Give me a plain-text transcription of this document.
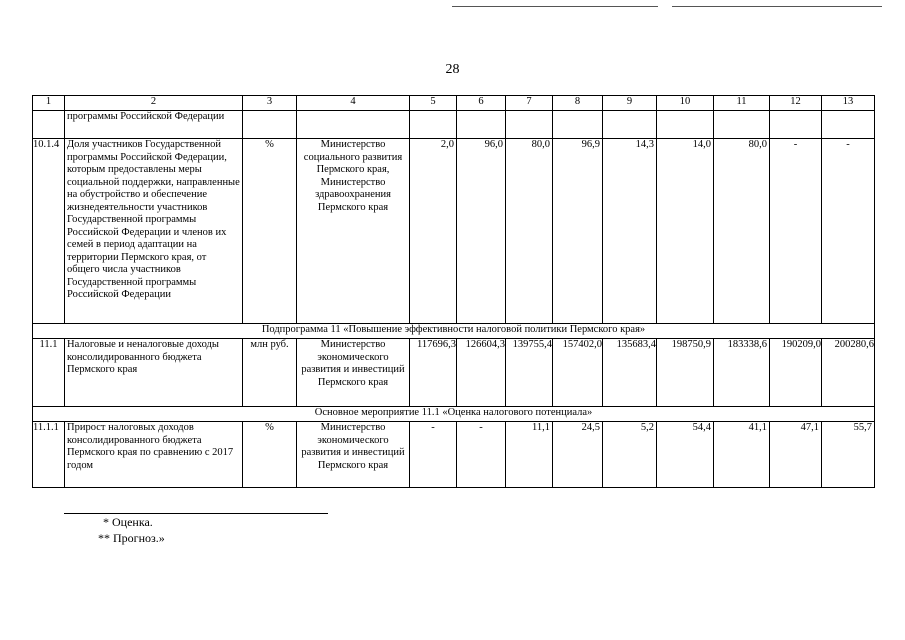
28
1	2	3	4	5	6	7	8	9	10	11	12	13
	программы Российской Федерации											
10.1.4	Доля участников Государственной программы Российской Федерации, которым предоставлены меры социальной поддержки, направленные на обустройство и обеспечение жизнедеятельности участников Государственной программы Российской Федерации и членов их семей в период адаптации на территории Пермского края, от общего числа участников Государственной программы Российской Федерации	%	Министерство социального развития Пермского края, Министерство здравоохранения Пермского края	2,0	96,0	80,0	96,9	14,3	14,0	80,0	-	-
Подпрограмма 11 «Повышение эффективности налоговой политики Пермского края»												
11.1	Налоговые и неналоговые доходы консолидированного бюджета Пермского края	млн руб.	Министерство экономического развития и инвестиций Пермского края	117696,3	126604,3	139755,4	157402,0	135683,4	198750,9	183338,6	190209,0	200280,6
Основное мероприятие 11.1 «Оценка налогового потенциала»												
11.1.1	Прирост налоговых доходов консолидированного бюджета Пермского края по сравнению с 2017 годом	%	Министерство экономического развития и инвестиций Пермского края	-	-	11,1	24,5	5,2	54,4	41,1	47,1	55,7
* Оценка.
** Прогноз.»
